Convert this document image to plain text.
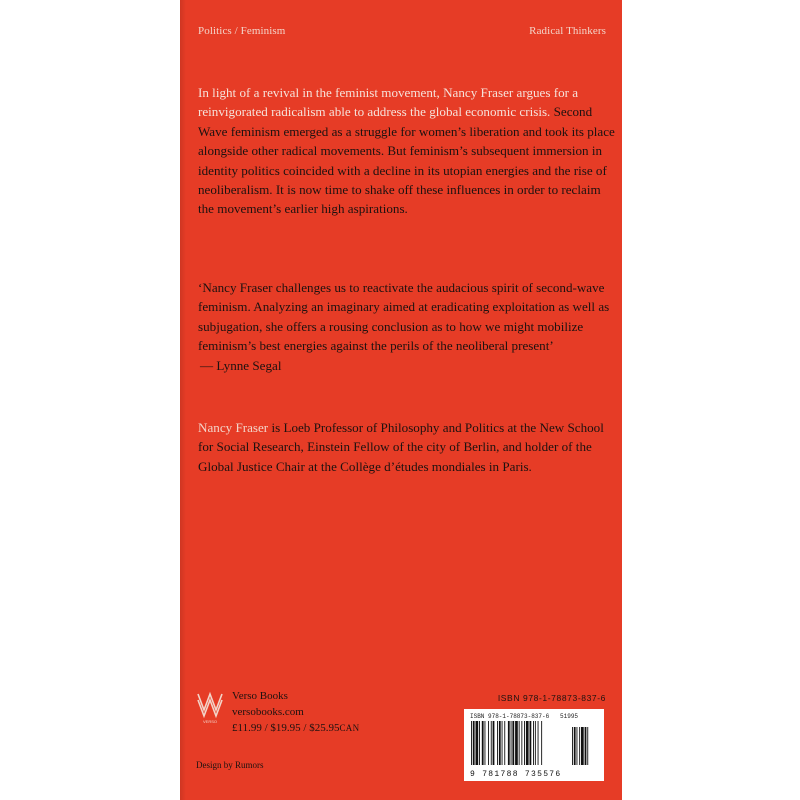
Politics / Feminism	Radical Thinkers

In light of a revival in the feminist movement, Nancy Fraser argues for a reinvigorated radicalism able to address the global economic crisis. Second Wave feminism emerged as a struggle for women’s liberation and took its place alongside other radical movements. But feminism’s subsequent immersion in identity politics coincided with a decline in its utopian energies and the rise of neoliberalism. It is now time to shake off these influences in order to reclaim the movement’s earlier high aspirations.

‘Nancy Fraser challenges us to reactivate the audacious spirit of second-wave feminism. Analyzing an imaginary aimed at eradicating exploitation as well as subjugation, she offers a rousing conclusion as to how we might mobilize feminism’s best energies against the perils of the neoliberal present’
— Lynne Segal

Nancy Fraser is Loeb Professor of Philosophy and Politics at the New School for Social Research, Einstein Fellow of the city of Berlin, and holder of the Global Justice Chair at the Collège d’études mondiales in Paris.

VERSO
Verso Books
versobooks.com
£11.99 / $19.95 / $25.95CAN
Design by Rumors
ISBN 978-1-78873-837-6
ISBN 978-1-78873-837-6 51995
9 781788 735576
